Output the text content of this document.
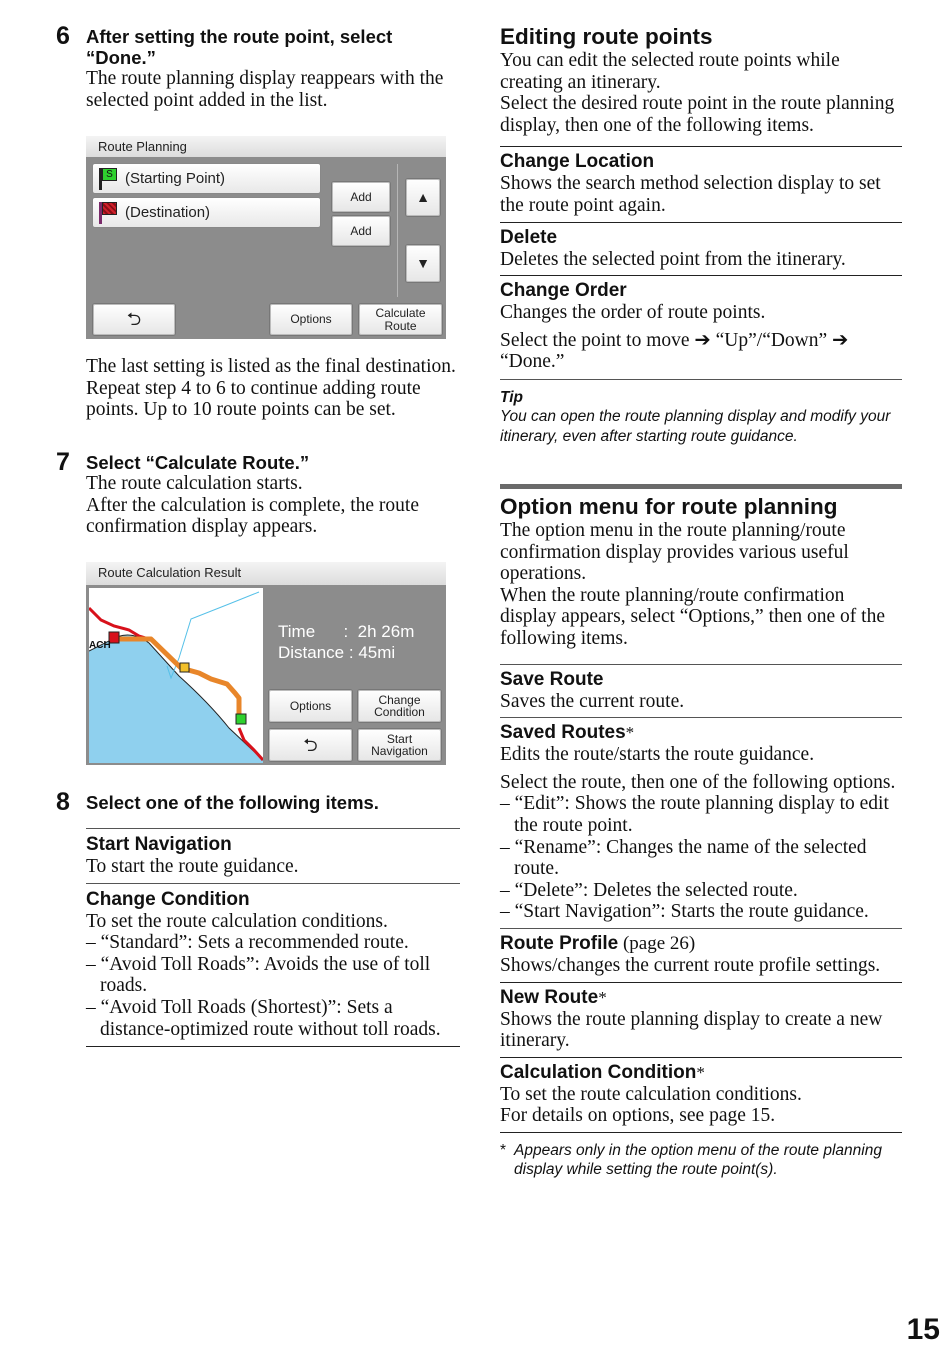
6 After setting the route point, select “Done.”

The route planning display reappears with the selected point added in the list.

Route Planning
S (Starting Point)
(Destination)
Add
Add
▲
▼
⮌	Options	Calculate Route

The last setting is listed as the final destination.

Repeat step 4 to 6 to continue adding route points. Up to 10 route points can be set.

7 Select “Calculate Route.”

The route calculation starts.

After the calculation is complete, the route confirmation display appears.

Route Calculation Result
ACH
Time      :  2h 26m
Distance : 45mi
Options	Change Condition
⮌	Start Navigation
8 Select one of the following items.

Start Navigation

To start the route guidance.

Change Condition

To set the route calculation conditions.

– “Standard”: Sets a recommended route.

– “Avoid Toll Roads”: Avoids the use of toll roads.

– “Avoid Toll Roads (Shortest)”: Sets a distance-optimized route without toll roads.

Editing route points

You can edit the selected route points while creating an itinerary.

Select the desired route point in the route planning display, then one of the following items.

Change Location

Shows the search method selection display to set the route point again.

Delete

Deletes the selected point from the itinerary.

Change Order

Changes the order of route points.

Select the point to move ➔ “Up”/“Down” ➔ “Done.”

Tip

You can open the route planning display and modify your itinerary, even after starting route guidance.

Option menu for route planning

The option menu in the route planning/route confirmation display provides various useful operations.

When the route planning/route confirmation display appears, select “Options,” then one of the following items.

Save Route

Saves the current route.

Saved Routes*

Edits the route/starts the route guidance.

Select the route, then one of the following options.

– “Edit”: Shows the route planning display to edit the route point.

– “Rename”: Changes the name of the selected route.

– “Delete”: Deletes the selected route.

– “Start Navigation”: Starts the route guidance.

Route Profile (page 26)

Shows/changes the current route profile settings.

New Route*

Shows the route planning display to create a new itinerary.

Calculation Condition*

To set the route calculation conditions.

For details on options, see page 15.

* Appears only in the option menu of the route planning display while setting the route point(s).

15
